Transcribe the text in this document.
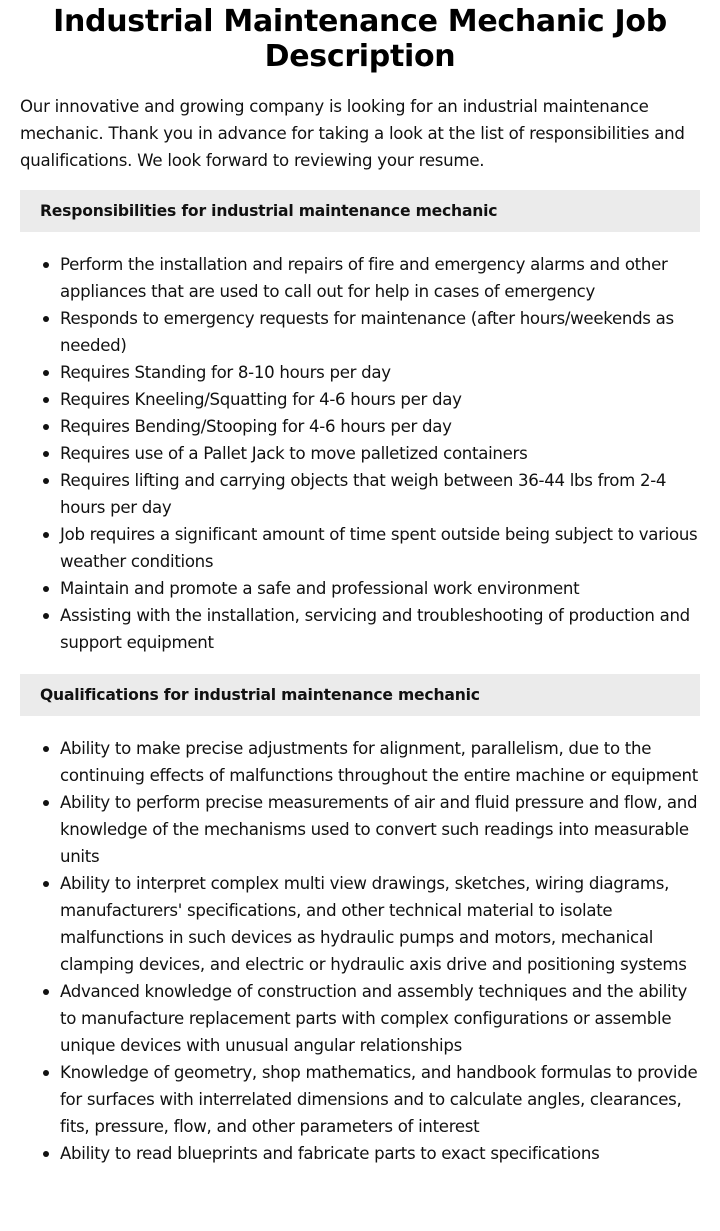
Industrial Maintenance Mechanic Job Description

Our innovative and growing company is looking for an industrial maintenance mechanic. Thank you in advance for taking a look at the list of responsibilities and qualifications. We look forward to reviewing your resume.

Responsibilities for industrial maintenance mechanic
Perform the installation and repairs of fire and emergency alarms and other appliances that are used to call out for help in cases of emergency
Responds to emergency requests for maintenance (after hours/weekends as needed)
Requires Standing for 8-10 hours per day
Requires Kneeling/Squatting for 4-6 hours per day
Requires Bending/Stooping for 4-6 hours per day
Requires use of a Pallet Jack to move palletized containers
Requires lifting and carrying objects that weigh between 36-44 lbs from 2-4 hours per day
Job requires a significant amount of time spent outside being subject to various weather conditions
Maintain and promote a safe and professional work environment
Assisting with the installation, servicing and troubleshooting of production and support equipment
Qualifications for industrial maintenance mechanic
Ability to make precise adjustments for alignment, parallelism, due to the continuing effects of malfunctions throughout the entire machine or equipment
Ability to perform precise measurements of air and fluid pressure and flow, and knowledge of the mechanisms used to convert such readings into measurable units
Ability to interpret complex multi view drawings, sketches, wiring diagrams, manufacturers' specifications, and other technical material to isolate malfunctions in such devices as hydraulic pumps and motors, mechanical clamping devices, and electric or hydraulic axis drive and positioning systems
Advanced knowledge of construction and assembly techniques and the ability to manufacture replacement parts with complex configurations or assemble unique devices with unusual angular relationships
Knowledge of geometry, shop mathematics, and handbook formulas to provide for surfaces with interrelated dimensions and to calculate angles, clearances, fits, pressure, flow, and other parameters of interest
Ability to read blueprints and fabricate parts to exact specifications
